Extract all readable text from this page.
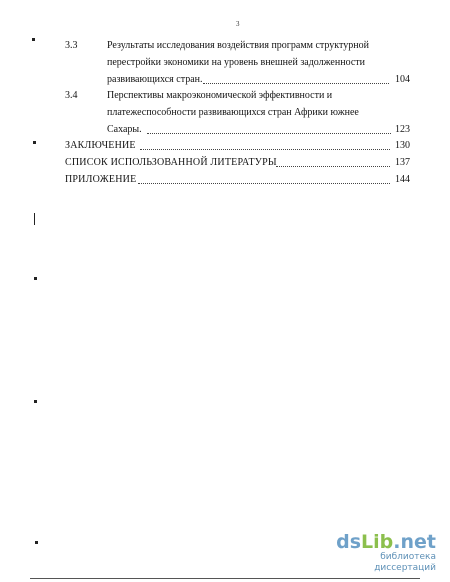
3
3.3	Результаты исследования воздействия программ структурной
перестройки экономики на уровень внешней задолженности
развивающихся стран.	104
3.4	Перспективы макроэкономической эффективности и
платежеспособности развивающихся стран Африки южнее
Сахары.	123
ЗАКЛЮЧЕНИЕ	130
СПИСОК ИСПОЛЬЗОВАННОЙ ЛИТЕРАТУРЫ	137
ПРИЛОЖЕНИЕ	144
dsLib.net
библиотека диссертаций
